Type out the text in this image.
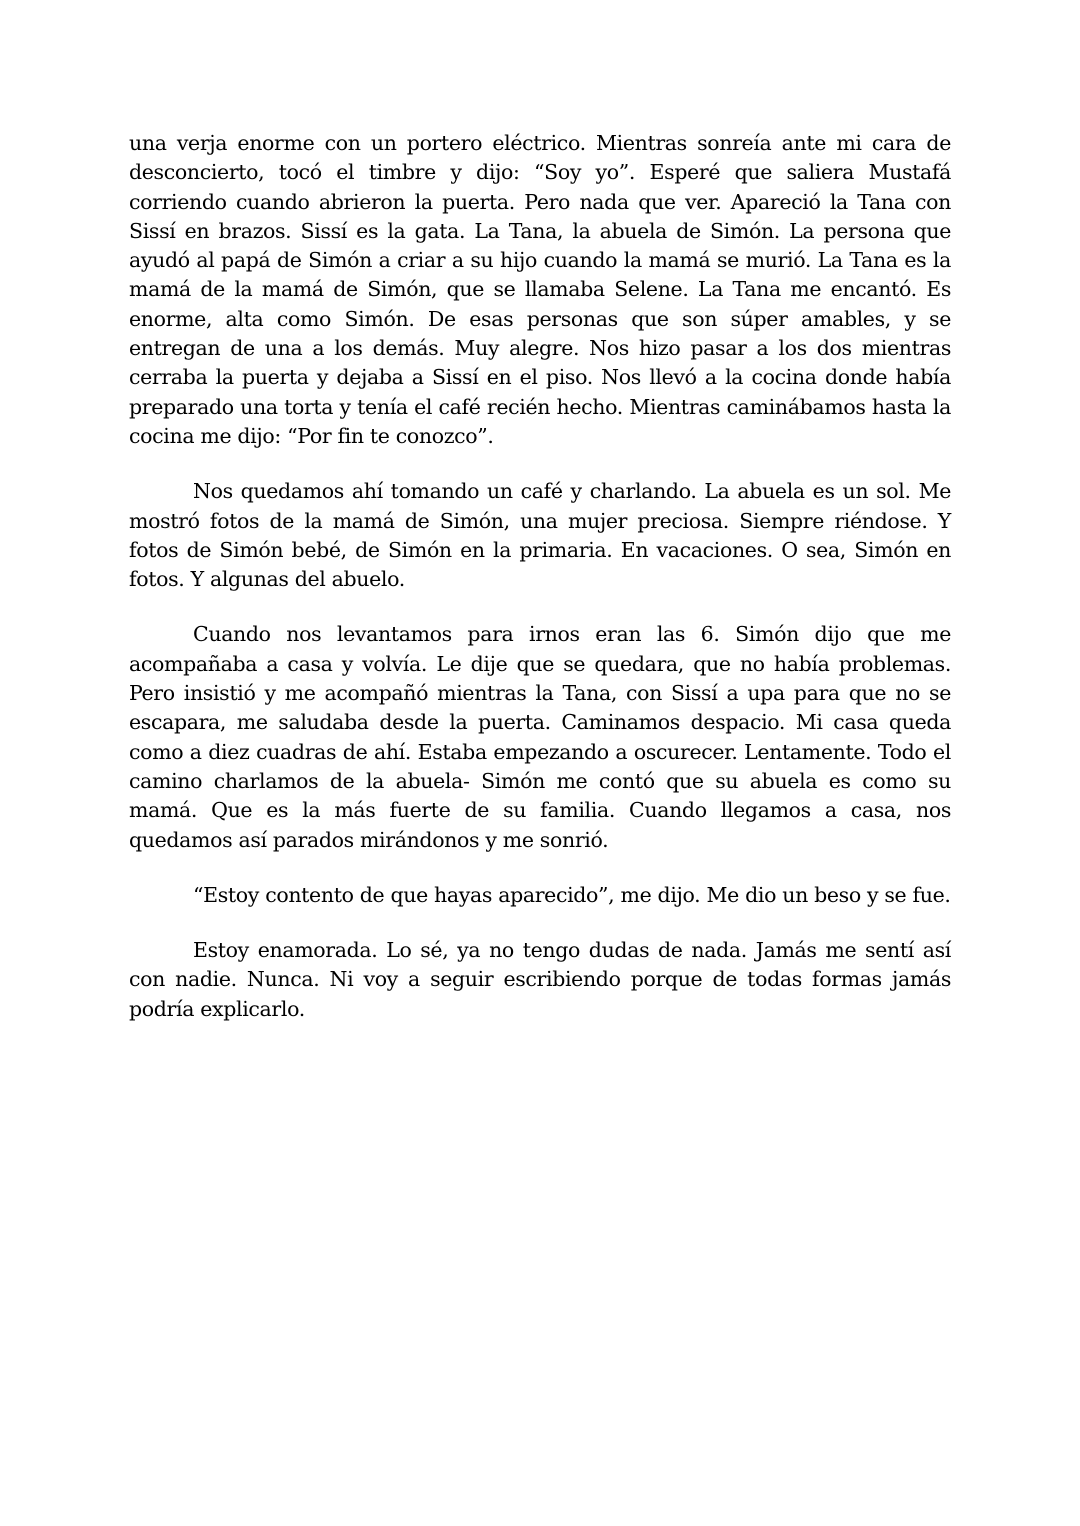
una verja enorme con un portero eléctrico. Mientras sonreía ante mi cara de desconcierto, tocó el timbre y dijo: “Soy yo”. Esperé que saliera Mustafá corriendo cuando abrieron la puerta. Pero nada que ver. Apareció la Tana con Sissí en brazos. Sissí es la gata. La Tana, la abuela de Simón. La persona que ayudó al papá de Simón a criar a su hijo cuando la mamá se murió. La Tana es la mamá de la mamá de Simón, que se llamaba Selene. La Tana me encantó. Es enorme, alta como Simón. De esas personas que son súper amables, y se entregan de una a los demás. Muy alegre. Nos hizo pasar a los dos mientras cerraba la puerta y dejaba a Sissí en el piso. Nos llevó a la cocina donde había preparado una torta y tenía el café recién hecho. Mientras caminábamos hasta la cocina me dijo: “Por fin te conozco”.

Nos quedamos ahí tomando un café y charlando. La abuela es un sol. Me mostró fotos de la mamá de Simón, una mujer preciosa. Siempre riéndose. Y fotos de Simón bebé, de Simón en la primaria. En vacaciones. O sea, Simón en fotos. Y algunas del abuelo.

Cuando nos levantamos para irnos eran las 6. Simón dijo que me acompañaba a casa y volvía. Le dije que se quedara, que no había problemas. Pero insistió y me acompañó mientras la Tana, con Sissí a upa para que no se escapara, me saludaba desde la puerta. Caminamos despacio. Mi casa queda como a diez cuadras de ahí. Estaba empezando a oscurecer. Lentamente. Todo el camino charlamos de la abuela- Simón me contó que su abuela es como su mamá. Que es la más fuerte de su familia. Cuando llegamos a casa, nos quedamos así parados mirándonos y me sonrió.

“Estoy contento de que hayas aparecido”, me dijo. Me dio un beso y se fue.

Estoy enamorada. Lo sé, ya no tengo dudas de nada. Jamás me sentí así con nadie. Nunca. Ni voy a seguir escribiendo porque de todas formas jamás podría explicarlo.
